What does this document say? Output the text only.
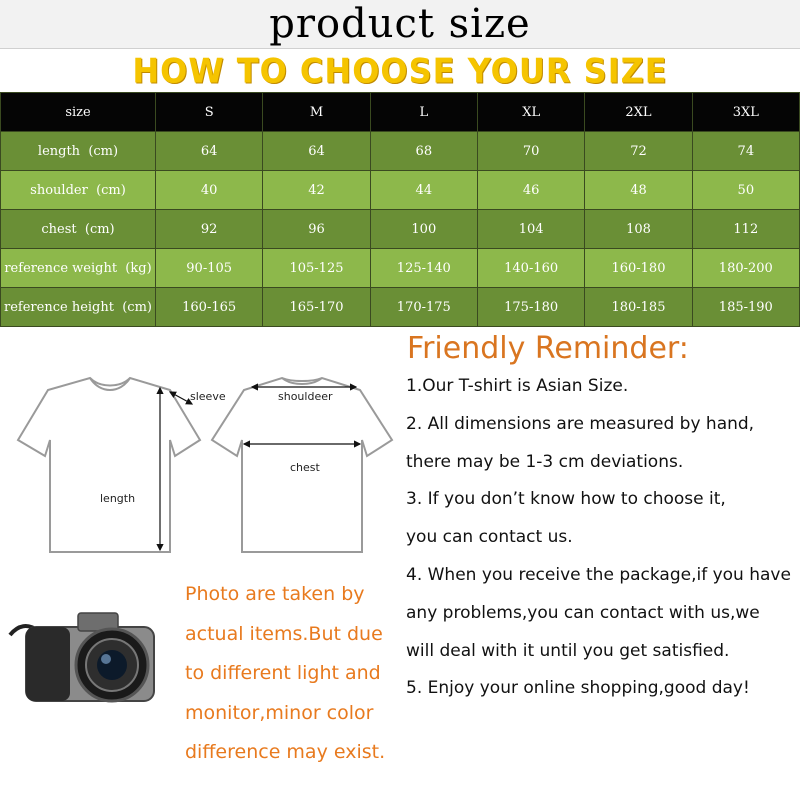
product size
HOW TO CHOOSE YOUR SIZE
size	S	M	L	XL	2XL	3XL
length  (cm)	64	64	68	70	72	74
shoulder  (cm)	40	42	44	46	48	50
chest  (cm)	92	96	100	104	108	112
reference weight  (kg)	90-105	105-125	125-140	140-160	160-180	180-200
reference height  (cm)	160-165	165-170	170-175	175-180	180-185	185-190
length
sleeve	shouldeer
chest
Photo are taken by
actual items.But due
to different light and
monitor,minor color
difference may exist.
Friendly Reminder:
1.Our T-shirt is Asian Size.
2. All dimensions are measured by hand,
there may be 1-3 cm deviations.
3. If you don’t know how to choose it,
you can contact us.
4. When you receive the package,if you have
any problems,you can contact with us,we
will deal with it until you get satisfied.
5. Enjoy your online shopping,good day!
